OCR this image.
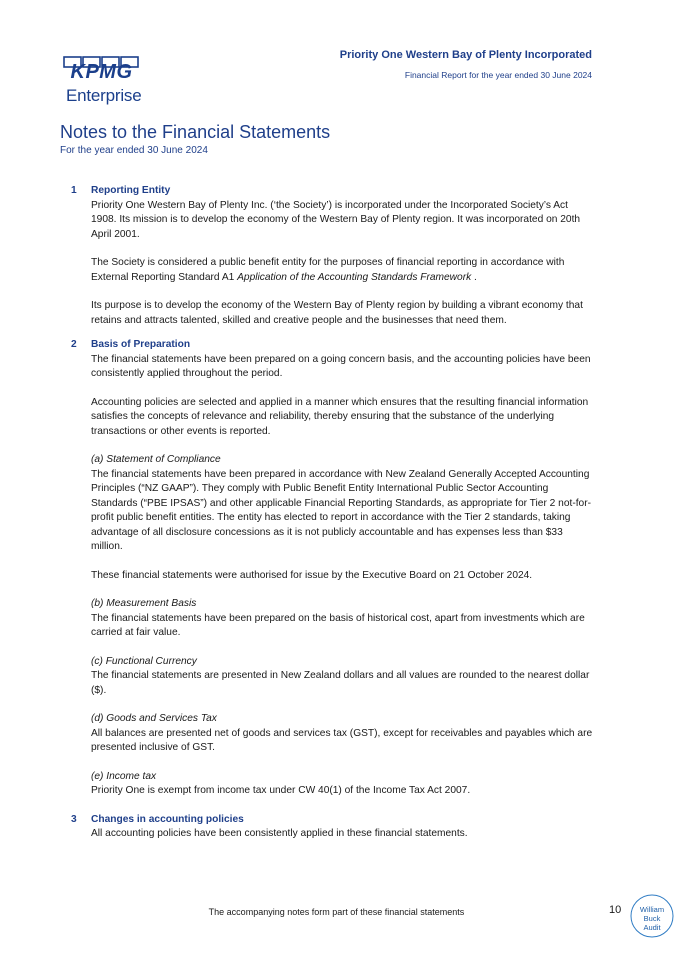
KPMG
Enterprise
Priority One Western Bay of Plenty Incorporated
Financial Report for the year ended 30 June 2024
Notes to the Financial Statements
For the year ended 30 June 2024
1 Reporting Entity

Priority One Western Bay of Plenty Inc. (‘the Society’) is incorporated under the Incorporated Society’s Act 1908. Its mission is to develop the economy of the Western Bay of Plenty region. It was incorporated on 20th April 2001.

The Society is considered a public benefit entity for the purposes of financial reporting in accordance with External Reporting Standard A1 Application of the Accounting Standards Framework .

Its purpose is to develop the economy of the Western Bay of Plenty region by building a vibrant economy that retains and attracts talented, skilled and creative people and the businesses that need them.

2 Basis of Preparation

The financial statements have been prepared on a going concern basis, and the accounting policies have been consistently applied throughout the period.

Accounting policies are selected and applied in a manner which ensures that the resulting financial information satisfies the concepts of relevance and reliability, thereby ensuring that the substance of the underlying transactions or other events is reported.

(a) Statement of Compliance
The financial statements have been prepared in accordance with New Zealand Generally Accepted Accounting Principles (“NZ GAAP”). They comply with Public Benefit Entity International Public Sector Accounting Standards (“PBE IPSAS”) and other applicable Financial Reporting Standards, as appropriate for Tier 2 not-for-profit public benefit entities. The entity has elected to report in accordance with the Tier 2 standards, taking advantage of all disclosure concessions as it is not publicly accountable and has expenses less than $33 million.

These financial statements were authorised for issue by the Executive Board on 21 October 2024.

(b) Measurement Basis
The financial statements have been prepared on the basis of historical cost, apart from investments which are carried at fair value.
(c) Functional Currency
The financial statements are presented in New Zealand dollars and all values are rounded to the nearest dollar ($).
(d) Goods and Services Tax
All balances are presented net of goods and services tax (GST), except for receivables and payables which are presented inclusive of GST.
(e) Income tax
Priority One is exempt from income tax under CW 40(1) of the Income Tax Act 2007.
3 Changes in accounting policies
All accounting policies have been consistently applied in these financial statements.
The accompanying notes form part of these financial statements	10	William
Buck
Audit
